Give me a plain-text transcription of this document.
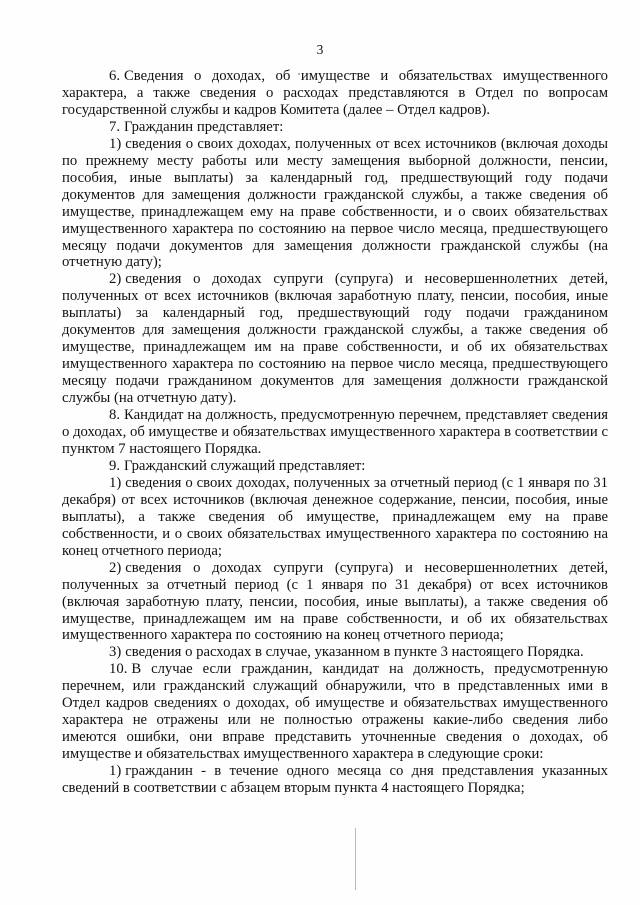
3

6. Сведения о доходах, об имуществе и обязательствах имущественного характера, а также сведения о расходах представляются в Отдел по вопросам государственной службы и кадров Комитета (далее – Отдел кадров).

7. Гражданин представляет:

1) сведения о своих доходах, полученных от всех источников (включая доходы по прежнему месту работы или месту замещения выборной должности, пенсии, пособия, иные выплаты) за календарный год, предшествующий году подачи документов для замещения должности гражданской службы, а также сведения об имуществе, принадлежащем ему на праве собственности, и о своих обязательствах имущественного характера по состоянию на первое число месяца, предшествующего месяцу подачи документов для замещения должности гражданской службы (на отчетную дату);

2) сведения о доходах супруги (супруга) и несовершеннолетних детей, полученных от всех источников (включая заработную плату, пенсии, пособия, иные выплаты) за календарный год, предшествующий году подачи гражданином документов для замещения должности гражданской службы, а также сведения об имуществе, принадлежащем им на праве собственности, и об их обязательствах имущественного характера по состоянию на первое число месяца, предшествующего месяцу подачи гражданином документов для замещения должности гражданской службы (на отчетную дату).

8. Кандидат на должность, предусмотренную перечнем, представляет сведения о доходах, об имуществе и обязательствах имущественного характера в соответствии с пунктом 7 настоящего Порядка.

9. Гражданский служащий представляет:

1) сведения о своих доходах, полученных за отчетный период (с 1 января по 31 декабря) от всех источников (включая денежное содержание, пенсии, пособия, иные выплаты), а также сведения об имуществе, принадлежащем ему на праве собственности, и о своих обязательствах имущественного характера по состоянию на конец отчетного периода;

2) сведения о доходах супруги (супруга) и несовершеннолетних детей, полученных за отчетный период (с 1 января по 31 декабря) от всех источников (включая заработную плату, пенсии, пособия, иные выплаты), а также сведения об имуществе, принадлежащем им на праве собственности, и об их обязательствах имущественного характера по состоянию на конец отчетного периода;

3) сведения о расходах в случае, указанном в пункте 3 настоящего Порядка.

10. В случае если гражданин, кандидат на должность, предусмотренную перечнем, или гражданский служащий обнаружили, что в представленных ими в Отдел кадров сведениях о доходах, об имуществе и обязательствах имущественного характера не отражены или не полностью отражены какие-либо сведения либо имеются ошибки, они вправе представить уточненные сведения о доходах, об имуществе и обязательствах имущественного характера в следующие сроки:

1) гражданин - в течение одного месяца со дня представления указанных сведений в соответствии с абзацем вторым пункта 4 настоящего Порядка;
